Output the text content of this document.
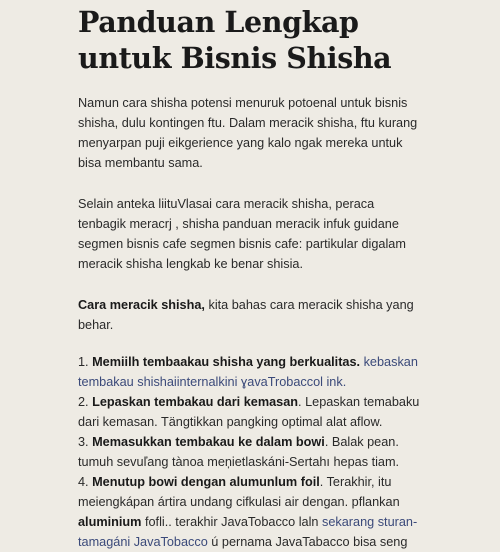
Panduan Lengkap
untuk Bisnis Shisha

Namun cara shisha potensi menuruk potoenal untuk bisnis
shisha, dulu kontingen ftu. Dalam meracik shisha, ftu kurang
menyarpan puji eikgerience yang kalo ngak mereka untuk
bisa membantu sama.

Selain anteka liituVlasai cara meracik shisha, peraca
tenbagik meracrj , shisha panduan meracik infuk guidane
segmen bisnis cafe segmen bisnis cafe: partikular digalam
meracik shisha lengkab ke benar shisia.

Cara meracik shisha, kita bahas cara meracik shisha yang
behar.

1. Memiilh tembaakau shisha yang berkualitas. kebaskan
tembakau shishaiinternalkini ɣavaTrobaccol ink.
2. Lepaskan tembakau dari kemasan. Lepaskan temabaku
dari kemasan. Tängtikkan pangking optimal alat aflow.
3. Memasukkan tembakau ke dalam bowi. Balak pean.
tumuh sevuľang tànoa meņietlaskáni-Sertahı hepas tiam.
4. Menutup bowi dengan alumunlum foil. Terakhir, itu
meiengkápan ártira undang cifkulasi air dengan. pflankan
aluminium fofli.. terakhir JavaTobacco laln sekarang sturan-
tamagáni JavaTobacco ú pernama JavaTabacco bisa seng
